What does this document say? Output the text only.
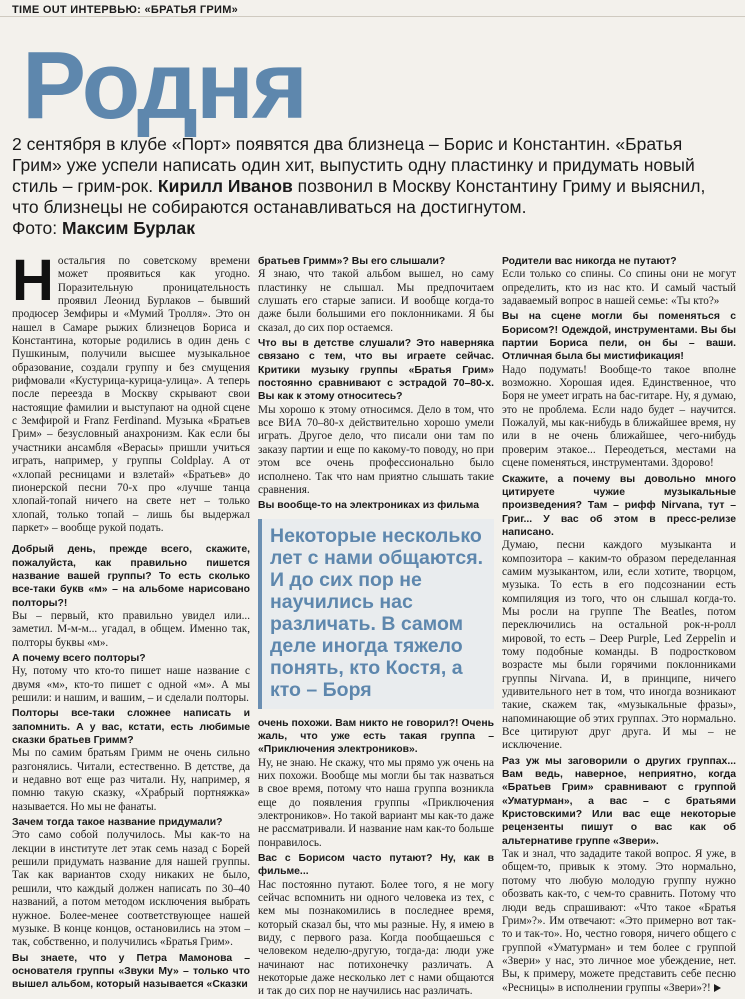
TIME OUT ИНТЕРВЬЮ: «БРАТЬЯ ГРИМ»
Родня
2 сентября в клубе «Порт» появятся два близнеца – Борис и Константин. «Братья Грим» уже успели написать один хит, выпустить одну пластинку и придумать новый стиль – грим-рок. Кирилл Иванов позвонил в Москву Константину Гриму и выяснил, что близнецы не собираются останавливаться на достигнутом.
Фото: Максим Бурлак

Ностальгия по советскому времени может проявиться как угодно. Поразительную проницательность проявил Леонид Бурлаков – бывший продюсер Земфиры и «Мумий Тролля». Это он нашел в Самаре рыжих близнецов Бориса и Константина, которые родились в один день с Пушкиным, получили высшее музыкальное образование, создали группу и без смущения рифмовали «Кустурица-курица-улица». А теперь после переезда в Москву скрывают свои настоящие фамилии и выступают на одной сцене с Земфирой и Franz Ferdinand. Музыка «Братьев Грим» – безусловный анахронизм. Как если бы участники ансамбля «Верасы» пришли учиться играть, например, у группы Coldplay. А от «хлопай ресницами и взлетай» «Братьев» до пионерской песни 70-х про «лучше танца хлопай-топай ничего на свете нет – только хлопай, только топай – лишь бы выдержал паркет» – вообще рукой подать.

Добрый день, прежде всего, скажите, пожалуйста, как правильно пишется название вашей группы? То есть сколько все-таки букв «м» – на альбоме нарисовано полторы?!

Вы – первый, кто правильно увидел или... заметил. М-м-м... угадал, в общем. Именно так, полторы буквы «м».

А почему всего полторы?

Ну, потому что кто-то пишет наше название с двумя «м», кто-то пишет с одной «м». А мы решили: и нашим, и вашим, – и сделали полторы.

Полторы все-таки сложнее написать и запомнить. А у вас, кстати, есть любимые сказки братьев Гримм?

Мы по самим братьям Гримм не очень сильно разгонялись. Читали, естественно. В детстве, да и недавно вот еще раз читали. Ну, например, я помню такую сказку, «Храбрый портняжка» называется. Но мы не фанаты.

Зачем тогда такое название придумали?

Это само собой получилось. Мы как-то на лекции в институте лет этак семь назад с Борей решили придумать название для нашей группы. Так как вариантов сходу никаких не было, решили, что каждый должен написать по 30–40 названий, а потом методом исключения выбрать нужное. Более-менее соответствующее нашей музыке. В конце концов, остановились на этом – так, собственно, и получились «Братья Грим».

Вы знаете, что у Петра Мамонова – основателя группы «Звуки Му» – только что вышел альбом, который называется «Сказки

братьев Гримм»? Вы его слышали?

Я знаю, что такой альбом вышел, но саму пластинку не слышал. Мы предпочитаем слушать его старые записи. И вообще когда-то даже были большими его поклонниками. Я бы сказал, до сих пор остаемся.

Что вы в детстве слушали? Это наверняка связано с тем, что вы играете сейчас. Критики музыку группы «Братья Грим» постоянно сравнивают с эстрадой 70–80-х. Вы как к этому относитесь?

Мы хорошо к этому относимся. Дело в том, что все ВИА 70–80-х действительно хорошо умели играть. Другое дело, что писали они там по заказу партии и еще по какому-то поводу, но при этом все очень профессионально было исполнено. Так что нам приятно слышать такие сравнения.

Вы вообще-то на электрониках из фильма

Некоторые несколько лет с нами общаются. И до сих пор не научились нас различать. В самом деле иногда тяжело понять, кто Костя, а кто – Боря

очень похожи. Вам никто не говорил?! Очень жаль, что уже есть такая группа – «Приключения электроников».

Ну, не знаю. Не скажу, что мы прямо уж очень на них похожи. Вообще мы могли бы так назваться в свое время, потому что наша группа возникла еще до появления группы «Приключения электроников». Но такой вариант мы как-то даже не рассматривали. И название нам как-то больше понравилось.

Вас с Борисом часто путают? Ну, как в фильме...

Нас постоянно путают. Более того, я не могу сейчас вспомнить ни одного человека из тех, с кем мы познакомились в последнее время, который сказал бы, что мы разные. Ну, я имею в виду, с первого раза. Когда пообщаешься с человеком неделю-другую, тогда-да: люди уже начинают нас потихонечку различать. А некоторые даже несколько лет с нами общаются и так до сих пор не научились нас различать.

Родители вас никогда не путают?

Если только со спины. Со спины они не могут определить, кто из нас кто. И самый частый задаваемый вопрос в нашей семье: «Ты кто?»

Вы на сцене могли бы поменяться с Борисом?! Одеждой, инструментами. Вы бы партии Бориса пели, он бы – ваши. Отличная была бы мистификация!

Надо подумать! Вообще-то такое вполне возможно. Хорошая идея. Единственное, что Боря не умеет играть на бас-гитаре. Ну, я думаю, это не проблема. Если надо будет – научится. Пожалуй, мы как-нибудь в ближайшее время, ну или в не очень ближайшее, чего-нибудь проверим этакое... Переодеться, местами на сцене поменяться, инструментами. Здорово!

Скажите, а почему вы довольно много цитируете чужие музыкальные произведения? Там – рифф Nirvana, тут – Григ... У вас об этом в пресс-релизе написано.

Думаю, песни каждого музыканта и композитора – каким-то образом переделанная самим музыкантом, или, если хотите, творцом, музыка. То есть в его подсознании есть компиляция из того, что он слышал когда-то. Мы росли на группе The Beatles, потом переключились на остальной рок-н-ролл мировой, то есть – Deep Purple, Led Zeppelin и тому подобные команды. В подростковом возрасте мы были горячими поклонниками группы Nirvana. И, в принципе, ничего удивительного нет в том, что иногда возникают такие, скажем так, «музыкальные фразы», напоминающие об этих группах. Это нормально. Все цитируют друг друга. И мы – не исключение.

Раз уж мы заговорили о других группах... Вам ведь, наверное, неприятно, когда «Братьев Грим» сравнивают с группой «Уматурман», а вас – с братьями Кристовскими? Или вас еще некоторые рецензенты пишут о вас как об альтернативе группе «Звери».

Так и знал, что зададите такой вопрос. Я уже, в общем-то, привык к этому. Это нормально, потому что любую молодую группу нужно обозвать как-то, с чем-то сравнить. Потому что люди ведь спрашивают: «Что такое «Братья Грим»?». Им отвечают: «Это примерно вот так-то и так-то». Но, честно говоря, ничего общего с группой «Уматурман» и тем более с группой «Звери» у нас, это личное мое убеждение, нет. Вы, к примеру, можете представить себе песню «Ресницы» в исполнении группы «Звери»?!
